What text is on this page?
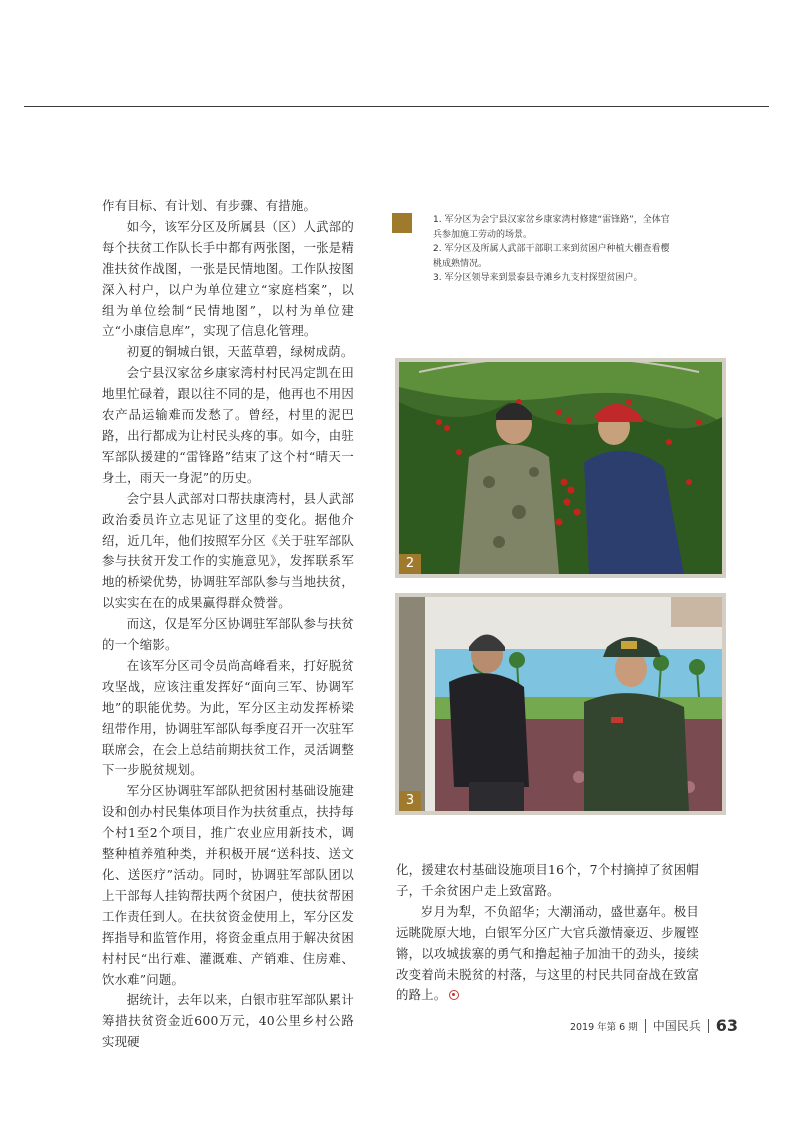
作有目标、有计划、有步骤、有措施。

如今，该军分区及所属县（区）人武部的每个扶贫工作队长手中都有两张图，一张是精准扶贫作战图，一张是民情地图。工作队按图深入村户，以户为单位建立“家庭档案”，以组为单位绘制“民情地图”，以村为单位建立“小康信息库”，实现了信息化管理。

初夏的铜城白银，天蓝草碧，绿树成荫。

会宁县汉家岔乡康家湾村村民冯定凯在田地里忙碌着，跟以往不同的是，他再也不用因农产品运输难而发愁了。曾经，村里的泥巴路，出行都成为让村民头疼的事。如今，由驻军部队援建的“雷锋路”结束了这个村“晴天一身土，雨天一身泥”的历史。

会宁县人武部对口帮扶康湾村，县人武部政治委员许立志见证了这里的变化。据他介绍，近几年，他们按照军分区《关于驻军部队参与扶贫开发工作的实施意见》，发挥联系军地的桥梁优势，协调驻军部队参与当地扶贫，以实实在在的成果赢得群众赞誉。

而这，仅是军分区协调驻军部队参与扶贫的一个缩影。

在该军分区司令员尚高峰看来，打好脱贫攻坚战，应该注重发挥好“面向三军、协调军地”的职能优势。为此，军分区主动发挥桥梁纽带作用，协调驻军部队每季度召开一次驻军联席会，在会上总结前期扶贫工作，灵活调整下一步脱贫规划。

军分区协调驻军部队把贫困村基础设施建设和创办村民集体项目作为扶贫重点，扶持每个村1至2个项目，推广农业应用新技术，调整种植养殖种类，并积极开展“送科技、送文化、送医疗”活动。同时，协调驻军部队团以上干部每人挂钩帮扶两个贫困户，使扶贫帮困工作责任到人。在扶贫资金使用上，军分区发挥指导和监管作用，将资金重点用于解决贫困村村民“出行难、灌溉难、产销难、住房难、饮水难”问题。

据统计，去年以来，白银市驻军部队累计筹措扶贫资金近600万元，40公里乡村公路实现硬

1. 军分区为会宁县汉家岔乡康家湾村修建“雷锋路”，全体官兵参加施工劳动的场景。
2. 军分区及所属人武部干部职工来到贫困户种植大棚查看樱桃成熟情况。
3. 军分区领导来到景泰县寺滩乡九支村探望贫困户。
2
3

化，援建农村基础设施项目16个，7个村摘掉了贫困帽子，千余贫困户走上致富路。

岁月为犁，不负韶华；大潮涌动，盛世嘉年。极目远眺陇原大地，白银军分区广大官兵激情豪迈、步履铿锵，以攻城拔寨的勇气和撸起袖子加油干的劲头，接续改变着尚未脱贫的村落，与这里的村民共同奋战在致富的路上。

2019 年第 6 期 中国民兵 63
